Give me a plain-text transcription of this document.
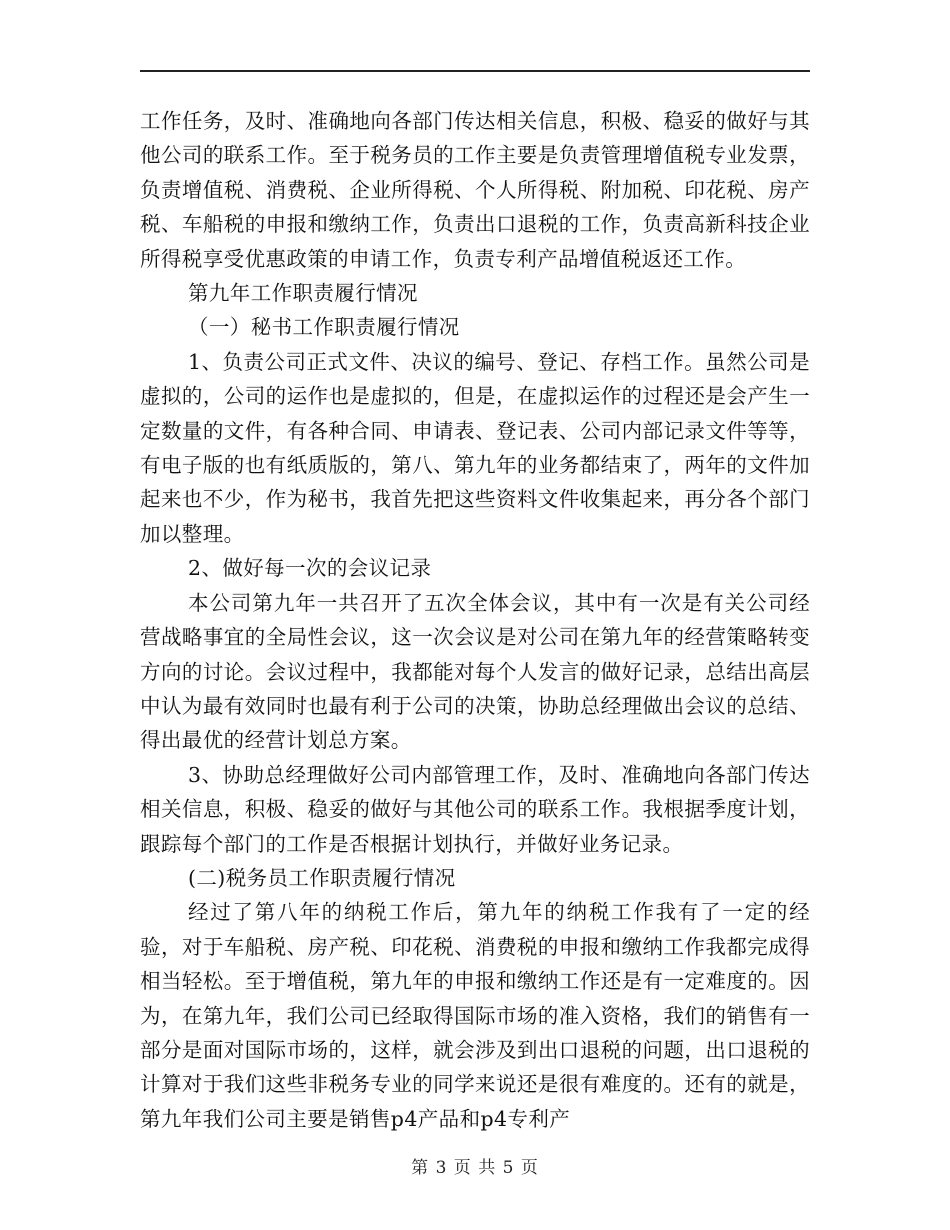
工作任务，及时、准确地向各部门传达相关信息，积极、稳妥的做好与其他公司的联系工作。至于税务员的工作主要是负责管理增值税专业发票，负责增值税、消费税、企业所得税、个人所得税、附加税、印花税、房产税、车船税的申报和缴纳工作，负责出口退税的工作，负责高新科技企业所得税享受优惠政策的申请工作，负责专利产品增值税返还工作。

第九年工作职责履行情况

（一）秘书工作职责履行情况

1、负责公司正式文件、决议的编号、登记、存档工作。虽然公司是虚拟的，公司的运作也是虚拟的，但是，在虚拟运作的过程还是会产生一定数量的文件，有各种合同、申请表、登记表、公司内部记录文件等等，有电子版的也有纸质版的，第八、第九年的业务都结束了，两年的文件加起来也不少，作为秘书，我首先把这些资料文件收集起来，再分各个部门加以整理。

2、做好每一次的会议记录

本公司第九年一共召开了五次全体会议，其中有一次是有关公司经营战略事宜的全局性会议，这一次会议是对公司在第九年的经营策略转变方向的讨论。会议过程中，我都能对每个人发言的做好记录，总结出高层中认为最有效同时也最有利于公司的决策，协助总经理做出会议的总结、得出最优的经营计划总方案。

3、协助总经理做好公司内部管理工作，及时、准确地向各部门传达相关信息，积极、稳妥的做好与其他公司的联系工作。我根据季度计划，跟踪每个部门的工作是否根据计划执行，并做好业务记录。

(二)税务员工作职责履行情况

经过了第八年的纳税工作后，第九年的纳税工作我有了一定的经验，对于车船税、房产税、印花税、消费税的申报和缴纳工作我都完成得相当轻松。至于增值税，第九年的申报和缴纳工作还是有一定难度的。因为，在第九年，我们公司已经取得国际市场的准入资格，我们的销售有一部分是面对国际市场的，这样，就会涉及到出口退税的问题，出口退税的计算对于我们这些非税务专业的同学来说还是很有难度的。还有的就是，第九年我们公司主要是销售p4产品和p4专利产

第 3 页 共 5 页
